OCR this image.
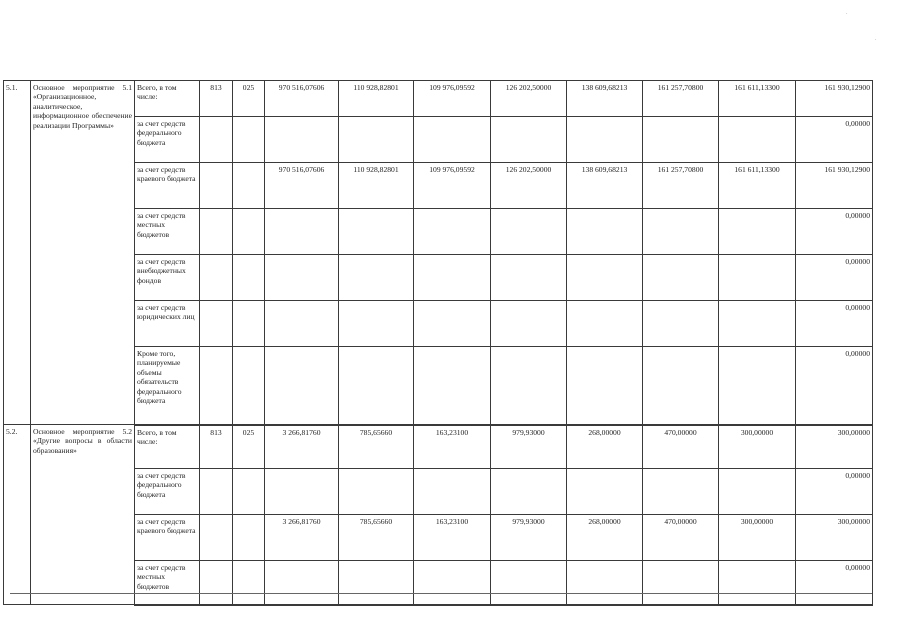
.
.
5.1.	Основное мероприятие 5.1 «Организационное, аналитическое, информационное обеспечение реализации Программы»	Всего, в том числе:	813	025	970 516,07606	110 928,82801	109 976,09592	126 202,50000	138 609,68213	161 257,70800	161 611,13300	161 930,12900
		за счет средств федерального бюджета										0,00000
		за счет средств краевого бюджета			970 516,07606	110 928,82801	109 976,09592	126 202,50000	138 609,68213	161 257,70800	161 611,13300	161 930,12900
		за счет средств местных бюджетов										0,00000
		за счет средств внебюджетных фондов										0,00000
		за счет средств юридических лиц										0,00000
		Кроме того, планируемые объемы обязательств федерального бюджета										0,00000
5.2.	Основное мероприятие 5.2 «Другие вопросы в области образования»	Всего, в том числе:	813	025	3 266,81760	785,65660	163,23100	979,93000	268,00000	470,00000	300,00000	300,00000
		за счет средств федерального бюджета										0,00000
		за счет средств краевого бюджета			3 266,81760	785,65660	163,23100	979,93000	268,00000	470,00000	300,00000	300,00000
		за счет средств местных бюджетов										0,00000
